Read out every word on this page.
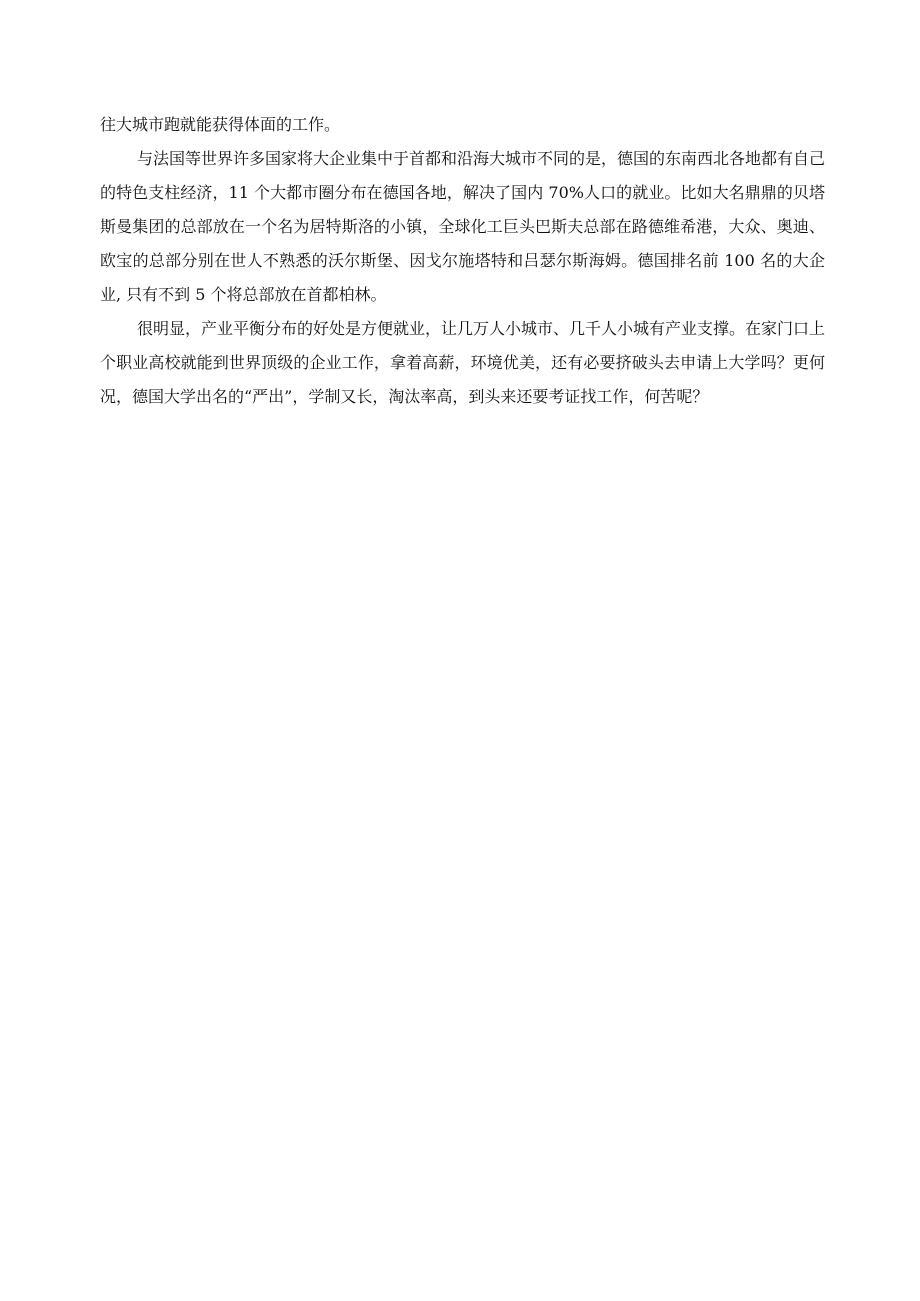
往大城市跑就能获得体面的工作。

与法国等世界许多国家将大企业集中于首都和沿海大城市不同的是，德国的东南西北各地都有自己的特色支柱经济，11 个大都市圈分布在德国各地，解决了国内 70%人口的就业。比如大名鼎鼎的贝塔斯曼集团的总部放在一个名为居特斯洛的小镇，全球化工巨头巴斯夫总部在路德维希港，大众、奥迪、欧宝的总部分别在世人不熟悉的沃尔斯堡、因戈尔施塔特和吕瑟尔斯海姆。德国排名前 100 名的大企业, 只有不到 5 个将总部放在首都柏林。

很明显，产业平衡分布的好处是方便就业，让几万人小城市、几千人小城有产业支撑。在家门口上个职业高校就能到世界顶级的企业工作，拿着高薪，环境优美，还有必要挤破头去申请上大学吗？更何况，德国大学出名的“严出”，学制又长，淘汰率高，到头来还要考证找工作，何苦呢？
